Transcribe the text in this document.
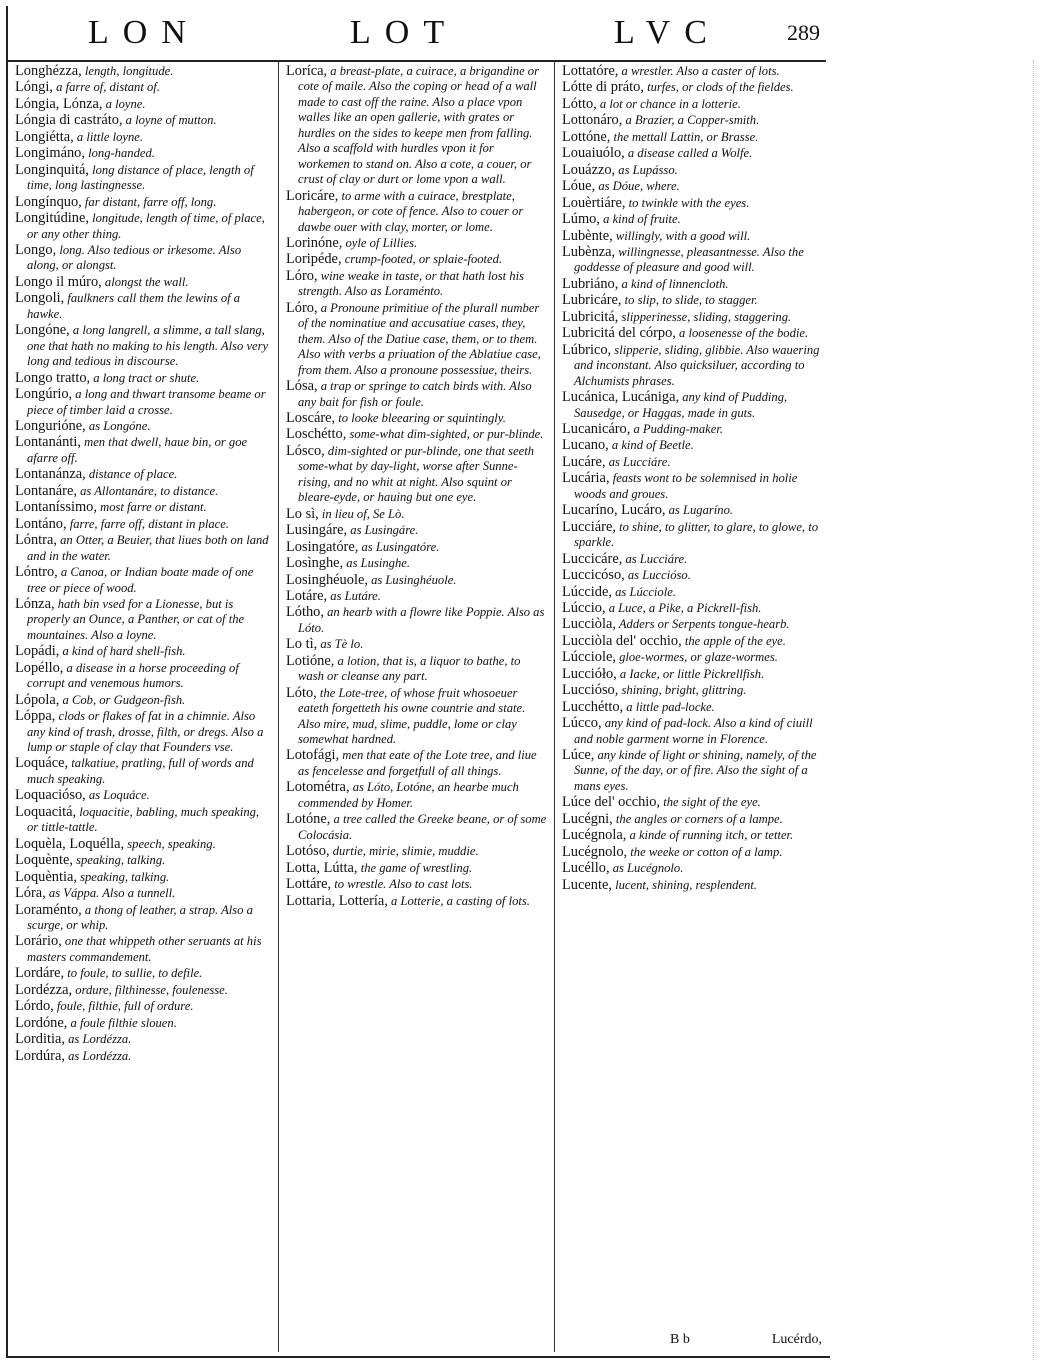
LON	LOT	LVC	289

Longhézza, length, longitude.

Lóngi, a farre of, distant of.

Lóngia, Lónza, a loyne.

Lóngia di castráto, a loyne of mutton.

Longiétta, a little loyne.

Longimáno, long-handed.

Longinquitá, long distance of place, length of time, long lastingnesse.

Longínquo, far distant, farre off, long.

Longitúdine, longitude, length of time, of place, or any other thing.

Longo, long. Also tedious or irkesome. Also along, or alongst.

Longo il múro, alongst the wall.

Longoli, faulkners call them the lewins of a hawke.

Longóne, a long langrell, a slimme, a tall slang, one that hath no making to his length. Also very long and tedious in discourse.

Longo tratto, a long tract or shute.

Longúrio, a long and thwart transome beame or piece of timber laid a crosse.

Longurióne, as Longóne.

Lontanánti, men that dwell, haue bin, or goe afarre off.

Lontanánza, distance of place.

Lontanáre, as Allontanáre, to distance.

Lontaníssimo, most farre or distant.

Lontáno, farre, farre off, distant in place.

Lóntra, an Otter, a Beuier, that liues both on land and in the water.

Lóntro, a Canoa, or Indian boate made of one tree or piece of wood.

Lónza, hath bin vsed for a Lionesse, but is properly an Ounce, a Panther, or cat of the mountaines. Also a loyne.

Lopádi, a kind of hard shell-fish.

Lopéllo, a disease in a horse proceeding of corrupt and venemous humors.

Lópola, a Cob, or Gudgeon-fish.

Lóppa, clods or flakes of fat in a chimnie. Also any kind of trash, drosse, filth, or dregs. Also a lump or staple of clay that Founders vse.

Loquáce, talkatiue, pratling, full of words and much speaking.

Loquacióso, as Loquáce.

Loquacitá, loquacitie, babling, much speaking, or tittle-tattle.

Loquèla, Loquélla, speech, speaking.

Loquènte, speaking, talking.

Loquèntia, speaking, talking.

Lóra, as Váppa. Also a tunnell.

Loraménto, a thong of leather, a strap. Also a scurge, or whip.

Lorário, one that whippeth other seruants at his masters commandement.

Lordáre, to foule, to sullie, to defile.

Lordézza, ordure, filthinesse, foulenesse.

Lórdo, foule, filthie, full of ordure.

Lordóne, a foule filthie slouen.

Lorditia, as Lordézza.

Lordúra, as Lordézza.

Loríca, a breast-plate, a cuirace, a brigandine or cote of maile. Also the coping or head of a wall made to cast off the raine. Also a place vpon walles like an open gallerie, with grates or hurdles on the sides to keepe men from falling. Also a scaffold with hurdles vpon it for workemen to stand on. Also a cote, a couer, or crust of clay or durt or lome vpon a wall.

Loricáre, to arme with a cuirace, brestplate, habergeon, or cote of fence. Also to couer or dawbe ouer with clay, morter, or lome.

Lorinóne, oyle of Lillies.

Loripéde, crump-footed, or splaie-footed.

Lóro, wine weake in taste, or that hath lost his strength. Also as Loraménto.

Lóro, a Pronoune primitiue of the plurall number of the nominatiue and accusatiue cases, they, them. Also of the Datiue case, them, or to them. Also with verbs a priuation of the Ablatiue case, from them. Also a pronoune possessiue, theirs.

Lósa, a trap or springe to catch birds with. Also any bait for fish or foule.

Loscáre, to looke bleearing or squintingly.

Loschétto, some-what dim-sighted, or pur-blinde.

Lósco, dim-sighted or pur-blinde, one that seeth some-what by day-light, worse after Sunne-rising, and no whit at night. Also squint or bleare-eyde, or hauing but one eye.

Lo sì, in lieu of, Se Lò.

Lusingáre, as Lusingáre.

Losingatóre, as Lusingatóre.

Losìnghe, as Lusinghe.

Losinghéuole, as Lusinghéuole.

Lotáre, as Lutáre.

Lótho, an hearb with a flowre like Poppie. Also as Lóto.

Lo tì, as Tè lo.

Lotióne, a lotion, that is, a liquor to bathe, to wash or cleanse any part.

Lóto, the Lote-tree, of whose fruit whosoeuer eateth forgetteth his owne countrie and state. Also mire, mud, slime, puddle, lome or clay somewhat hardned.

Lotofági, men that eate of the Lote tree, and liue as fencelesse and forgetfull of all things.

Lotométra, as Lóto, Lotóne, an hearbe much commended by Homer.

Lotóne, a tree called the Greeke beane, or of some Colocásia.

Lotóso, durtie, mirie, slimie, muddie.

Lotta, Lútta, the game of wrestling.

Lottáre, to wrestle. Also to cast lots.

Lottaria, Lottería, a Lotterie, a casting of lots.

Lottatóre, a wrestler. Also a caster of lots.

Lótte di práto, turfes, or clods of the fieldes.

Lótto, a lot or chance in a lotterie.

Lottonáro, a Brazier, a Copper-smith.

Lottóne, the mettall Lattin, or Brasse.

Louaiuólo, a disease called a Wolfe.

Louázzo, as Lupásso.

Lóue, as Dóue, where.

Louèrtiáre, to twinkle with the eyes.

Lúmo, a kind of fruite.

Lubènte, willingly, with a good will.

Lubènza, willingnesse, pleasantnesse. Also the goddesse of pleasure and good will.

Lubriáno, a kind of linnencloth.

Lubricáre, to slip, to slide, to stagger.

Lubricitá, slipperinesse, sliding, staggering.

Lubricitá del córpo, a loosenesse of the bodie.

Lúbrico, slipperie, sliding, glibbie. Also wauering and inconstant. Also quicksiluer, according to Alchumists phrases.

Lucánica, Lucániga, any kind of Pudding, Sausedge, or Haggas, made in guts.

Lucanicáro, a Pudding-maker.

Lucano, a kind of Beetle.

Lucáre, as Lucciáre.

Lucária, feasts wont to be solemnised in holie woods and groues.

Lucaríno, Lucáro, as Lugaríno.

Lucciáre, to shine, to glitter, to glare, to glowe, to sparkle.

Luccicáre, as Lucciáre.

Luccicóso, as Lucciósо.

Lúccide, as Lúcciole.

Lúccio, a Luce, a Pike, a Pickrell-fish.

Lucciòla, Adders or Serpents tongue-hearb.

Lucciòla del' occhio, the apple of the eye.

Lúcciole, gloe-wormes, or glaze-wormes.

Luccióło, a Iacke, or little Pickrellfish.

Luccióso, shining, bright, glittring.

Lucchétto, a little pad-locke.

Lúcco, any kind of pad-lock. Also a kind of ciuill and noble garment worne in Florence.

Lúce, any kinde of light or shining, namely, of the Sunne, of the day, or of fire. Also the sight of a mans eyes.

Lúce del' occhio, the sight of the eye.

Lucégni, the angles or corners of a lampe.

Lucégnola, a kinde of running itch, or tetter.

Lucégnolo, the weeke or cotton of a lamp.

Lucéllo, as Lucégnolo.

Lucente, lucent, shining, resplendent.

B b	Lucérdo,
